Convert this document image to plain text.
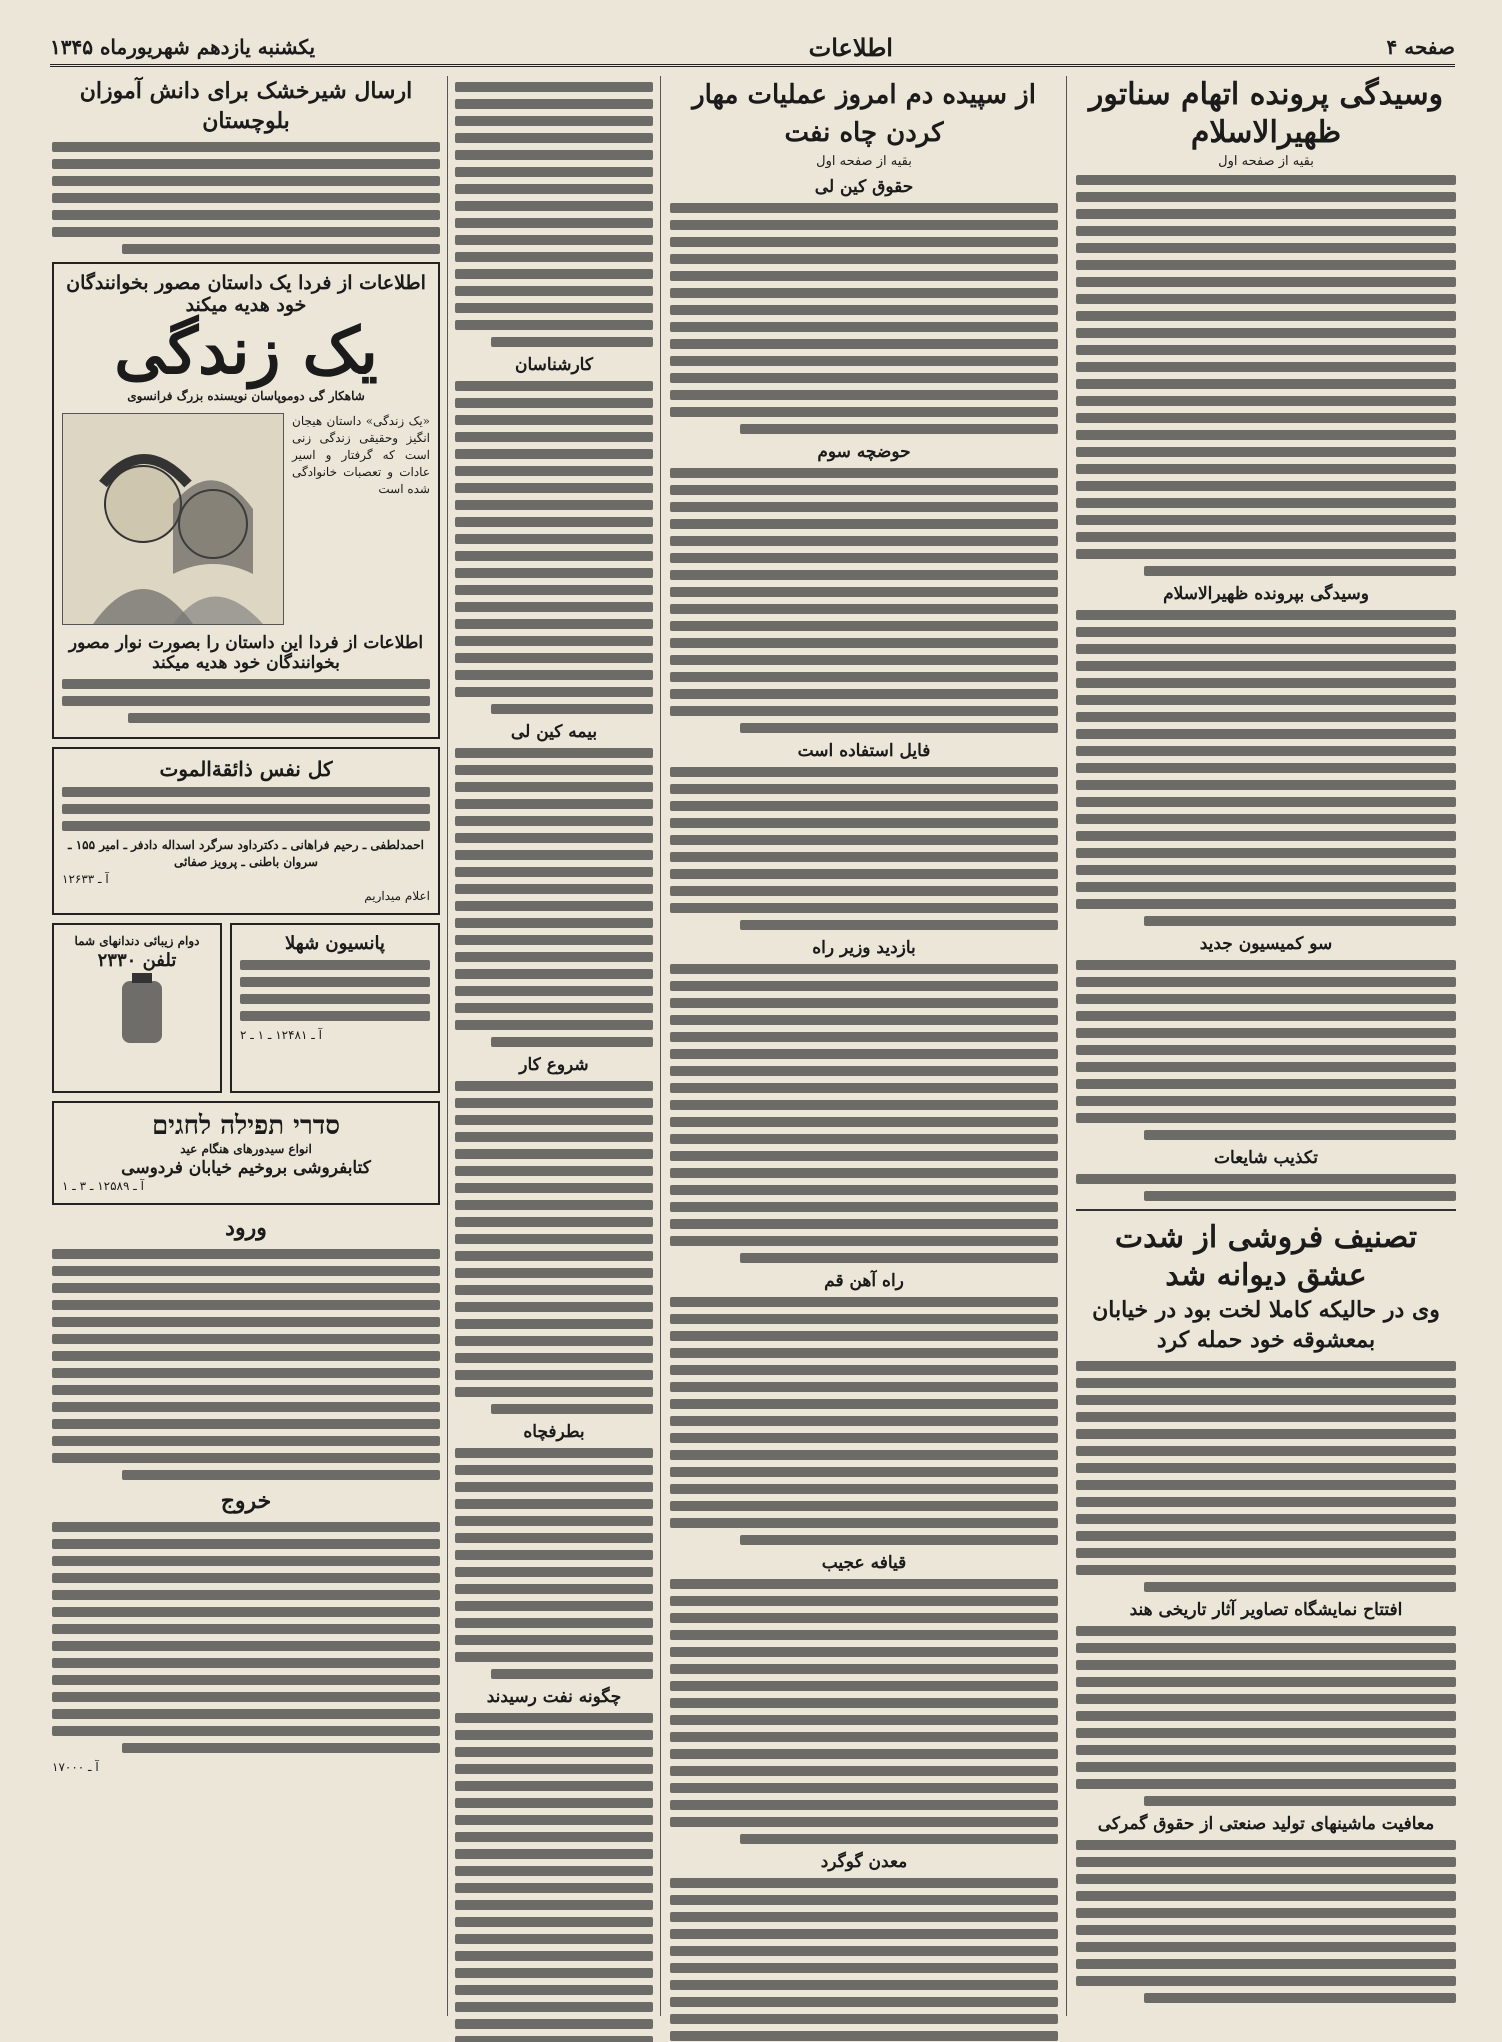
صفحه ۴
اطلاعات
یکشنبه یازدهم شهریورماه ۱۳۴۵
وسیدگی پرونده اتهام سناتور ظهیرالاسلام
بقیه از صفحه اول
وسیدگی بپرونده ظهیرالاسلام
سو کمیسیون جدید
تکذیب شایعات
تصنیف فروشی از شدت عشق دیوانه شد
وی در حالیکه کاملا لخت بود در خیابان بمعشوقه خود حمله کرد
افتتاح نمایشگاه تصاویر آثار تاریخی هند
معافیت ماشینهای تولید صنعتی از حقوق گمرکی
از سپیده دم امروز عملیات مهار کردن چاه نفت
بقیه از صفحه اول
حقوق کین لی
حوضچه سوم
فایل استفاده است
بازدید وزیر راه
راه آهن قم
قیافه عجیب
معدن گوگرد
کارشناسان
بیمه کین لی
شروع کار
بطرفچاه
چگونه نفت رسیدند
ارسال شیرخشک برای دانش آموزان بلوچستان
اطلاعات از فردا یک داستان مصور بخوانندگان خود هدیه میکند
یک زندگی
شاهکار گی دوموپاسان نویسنده بزرگ فرانسوی
«یک زندگی» داستان هیجان انگیز وحقیقی زندگی زنی است که گرفتار و اسیر عادات و تعصبات خانوادگی شده است
اطلاعات از فردا این داستان را بصورت نوار مصور بخوانندگان خود هدیه میکند
کل نفس ذائقةالموت
احمدلطفی ـ رحیم فراهانی ـ دکترداود سرگرد اسداله دادفر ـ امیر ۱۵۵ ـ سروان باطنی ـ پرویز صفائی
آ ـ ۱۲۶۳۳
اعلام میداریم
پانسیون شهلا
آ ـ ۱۲۴۸۱ ـ ۱ ـ ۲
دوام زیبائی دندانهای شما
تلفن ۲۳۳۰
סדרי תפילה לחגים
انواع سیدورهای هنگام عید
کتابفروشی بروخیم خیابان فردوسی
آ ـ ۱۲۵۸۹ ـ ۳ ـ ۱
ورود
خروج
آ ـ ۱۷۰۰۰
